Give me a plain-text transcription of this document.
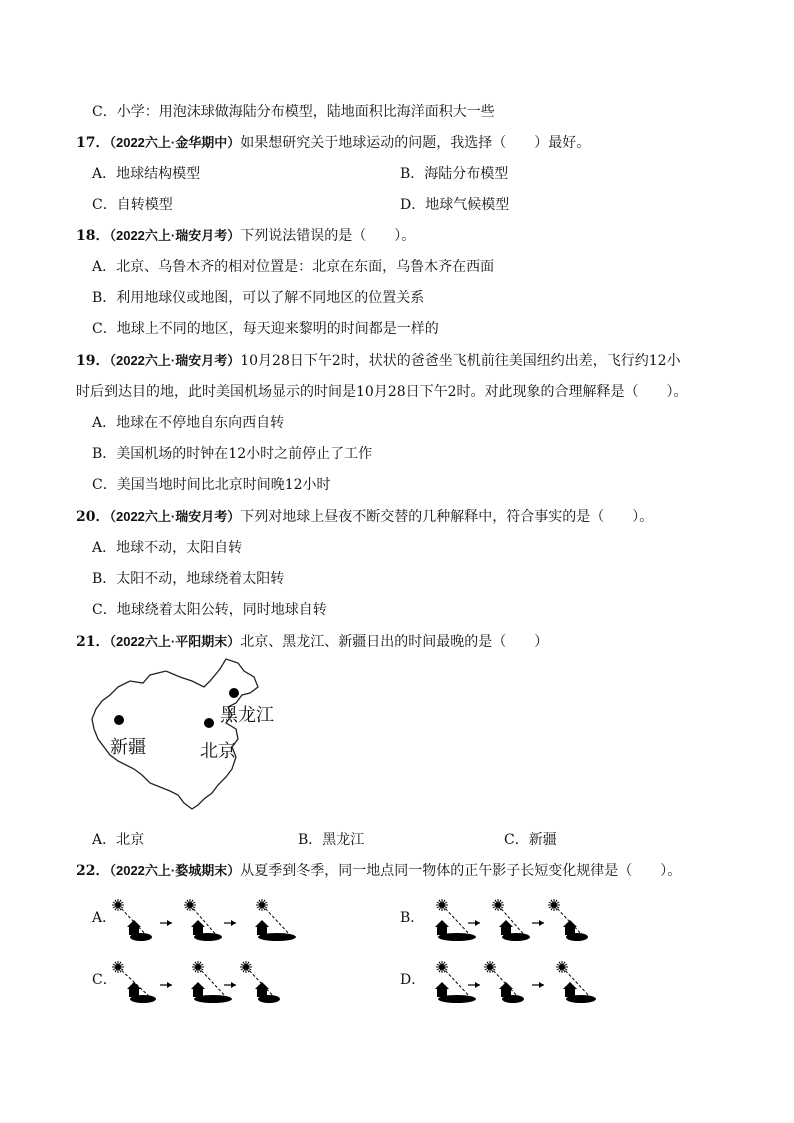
C．小学：用泡沫球做海陆分布模型，陆地面积比海洋面积大一些
17．（2022六上·金华期中）如果想研究关于地球运动的问题，我选择（　　）最好。
A．地球结构模型	B．海陆分布模型
C．自转模型	D．地球气候模型
18．（2022六上·瑞安月考）下列说法错误的是（　　）。
A．北京、乌鲁木齐的相对位置是：北京在东面，乌鲁木齐在西面
B．利用地球仪或地图，可以了解不同地区的位置关系
C．地球上不同的地区，每天迎来黎明的时间都是一样的
19．（2022六上·瑞安月考）10月28日下午2时，状状的爸爸坐飞机前往美国纽约出差，飞行约12小
时后到达目的地，此时美国机场显示的时间是10月28日下午2时。对此现象的合理解释是（　　）。
A．地球在不停地自东向西自转
B．美国机场的时钟在12小时之前停止了工作
C．美国当地时间比北京时间晚12小时
20．（2022六上·瑞安月考）下列对地球上昼夜不断交替的几种解释中，符合事实的是（　　）。
A．地球不动，太阳自转
B．太阳不动，地球绕着太阳转
C．地球绕着太阳公转，同时地球自转
21．（2022六上·平阳期末）北京、黑龙江、新疆日出的时间最晚的是（　　）
黑龙江
新疆	北京
A．北京	B．黑龙江	C．新疆
22．（2022六上·婺城期末）从夏季到冬季，同一地点同一物体的正午影子长短变化规律是（　　）。
A．	B．
C．	D．
